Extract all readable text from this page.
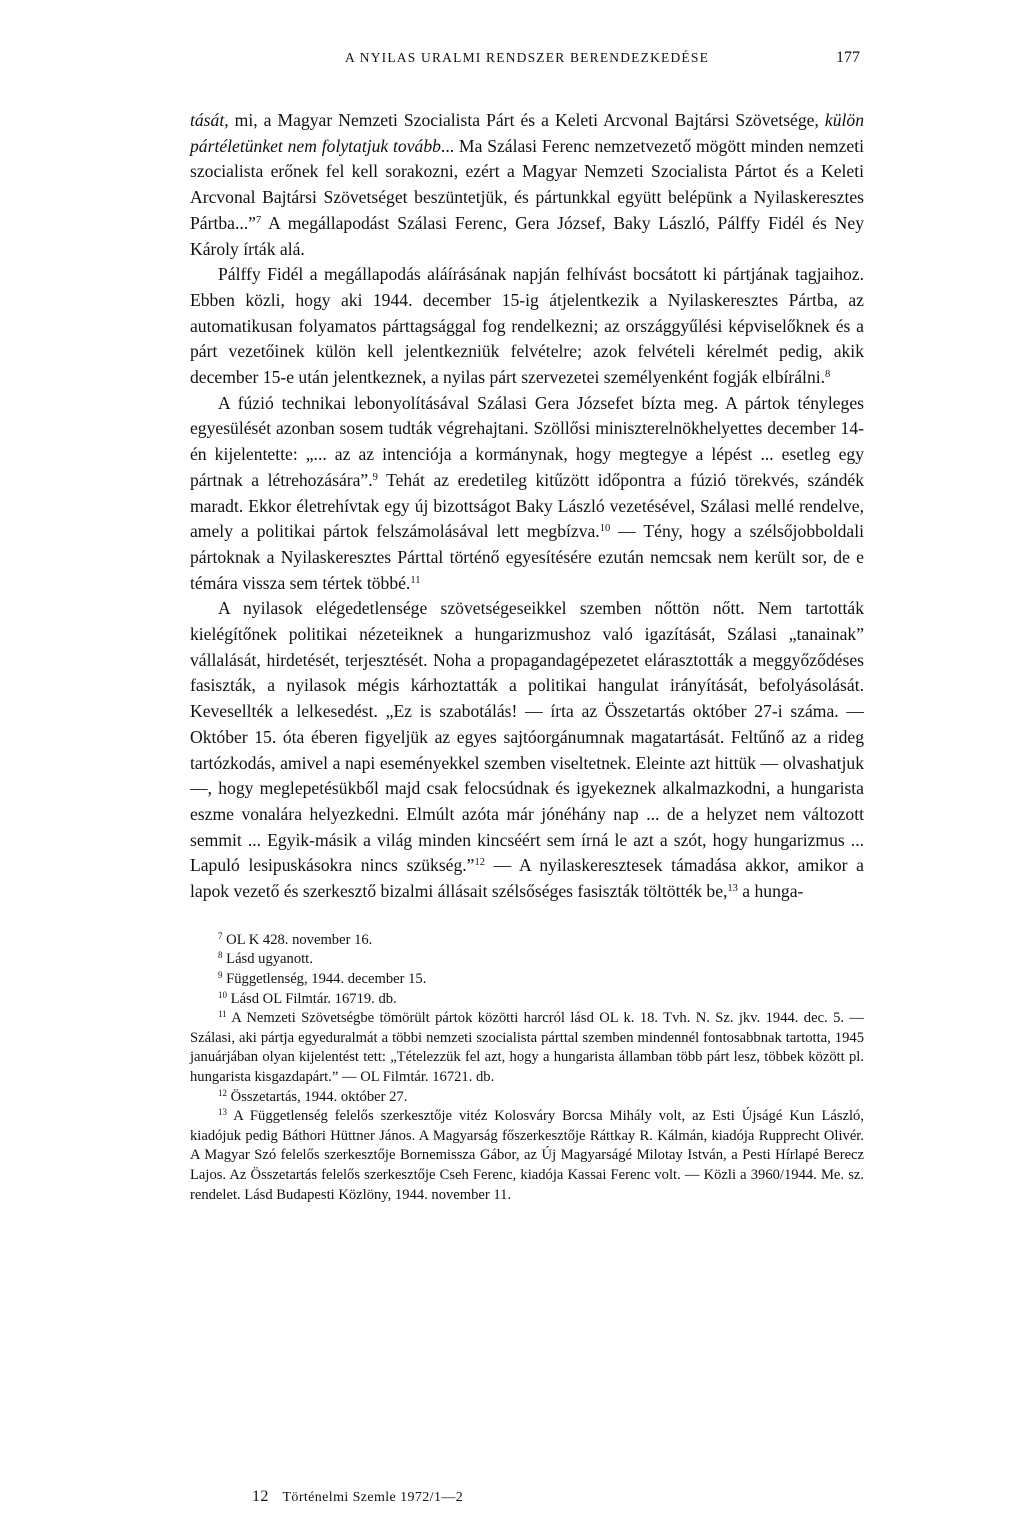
A NYILAS URALMI RENDSZER BERENDEZKEDÉSE	177

tását, mi, a Magyar Nemzeti Szocialista Párt és a Keleti Arcvonal Bajtársi Szövetsége, külön pártéletünket nem folytatjuk tovább... Ma Szálasi Ferenc nemzetvezető mögött minden nemzeti szocialista erőnek fel kell sorakozni, ezért a Magyar Nemzeti Szocialista Pártot és a Keleti Arcvonal Bajtársi Szövetséget beszüntetjük, és pártunkkal együtt belépünk a Nyilaskeresztes Pártba...”$^7$ A megállapodást Szálasi Ferenc, Gera József, Baky László, Pálffy Fidél és Ney Károly írták alá.

Pálffy Fidél a megállapodás aláírásának napján felhívást bocsátott ki pártjának tagjaihoz. Ebben közli, hogy aki 1944. december 15-ig átjelentkezik a Nyilaskeresztes Pártba, az automatikusan folyamatos párttagsággal fog rendelkezni; az országgyűlési képviselőknek és a párt vezetőinek külön kell jelentkezniük felvételre; azok felvételi kérelmét pedig, akik december 15-e után jelentkeznek, a nyilas párt szervezetei személyenként fogják elbírálni.$^8$

A fúzió technikai lebonyolításával Szálasi Gera Józsefet bízta meg. A pártok tényleges egyesülését azonban sosem tudták végrehajtani. Szöllősi miniszterelnökhelyettes december 14-én kijelentette: „... az az intenciója a kormánynak, hogy megtegye a lépést ... esetleg egy pártnak a létrehozására”.$^9$ Tehát az eredetileg kitűzött időpontra a fúzió törekvés, szándék maradt. Ekkor életrehívtak egy új bizottságot Baky László vezetésével, Szálasi mellé rendelve, amely a politikai pártok felszámolásával lett megbízva.$^{10}$ — Tény, hogy a szélsőjobboldali pártoknak a Nyilaskeresztes Párttal történő egyesítésére ezután nemcsak nem került sor, de e témára vissza sem tértek többé.$^{11}$

A nyilasok elégedetlensége szövetségeseikkel szemben nőttön nőtt. Nem tartották kielégítőnek politikai nézeteiknek a hungarizmushoz való igazítását, Szálasi „tanainak” vállalását, hirdetését, terjesztését. Noha a propagandagépezetet elárasztották a meggyőződéses fasiszták, a nyilasok mégis kárhoztatták a politikai hangulat irányítását, befolyásolását. Kevesellték a lelkesedést. „Ez is szabotálás! — írta az Összetartás október 27-i száma. — Október 15. óta éberen figyeljük az egyes sajtóorgánumnak magatartását. Feltűnő az a rideg tartózkodás, amivel a napi eseményekkel szemben viseltetnek. Eleinte azt hittük — olvashatjuk —, hogy meglepetésükből majd csak felocsúdnak és igyekeznek alkalmazkodni, a hungarista eszme vonalára helyezkedni. Elmúlt azóta már jónéhány nap ... de a helyzet nem változott semmit ... Egyik-másik a világ minden kincséért sem írná le azt a szót, hogy hungarizmus ... Lapuló lesipuskásokra nincs szükség.”$^{12}$ — A nyilaskeresztesek támadása akkor, amikor a lapok vezető és szerkesztő bizalmi állásait szélsőséges fasiszták töltötték be,$^{13}$ a hunga-

$^7$ OL K 428. november 16.

$^8$ Lásd ugyanott.

$^9$ Függetlenség, 1944. december 15.

$^{10}$ Lásd OL Filmtár. 16719. db.

$^{11}$ A Nemzeti Szövetségbe tömörült pártok közötti harcról lásd OL k. 18. Tvh. N. Sz. jkv. 1944. dec. 5. — Szálasi, aki pártja egyeduralmát a többi nemzeti szocialista párttal szemben mindennél fontosabbnak tartotta, 1945 januárjában olyan kijelentést tett: „Tételezzük fel azt, hogy a hungarista államban több párt lesz, többek között pl. hungarista kisgazdapárt.” — OL Filmtár. 16721. db.

$^{12}$ Összetartás, 1944. október 27.

$^{13}$ A Függetlenség felelős szerkesztője vitéz Kolosváry Borcsa Mihály volt, az Esti Újságé Kun László, kiadójuk pedig Báthori Hüttner János. A Magyarság főszerkesztője Ráttkay R. Kálmán, kiadója Rupprecht Olivér. A Magyar Szó felelős szerkesztője Bornemissza Gábor, az Új Magyarságé Milotay István, a Pesti Hírlapé Berecz Lajos. Az Összetartás felelős szerkesztője Cseh Ferenc, kiadója Kassai Ferenc volt. — Közli a 3960/1944. Me. sz. rendelet. Lásd Budapesti Közlöny, 1944. november 11.

12 Történelmi Szemle 1972/1—2
